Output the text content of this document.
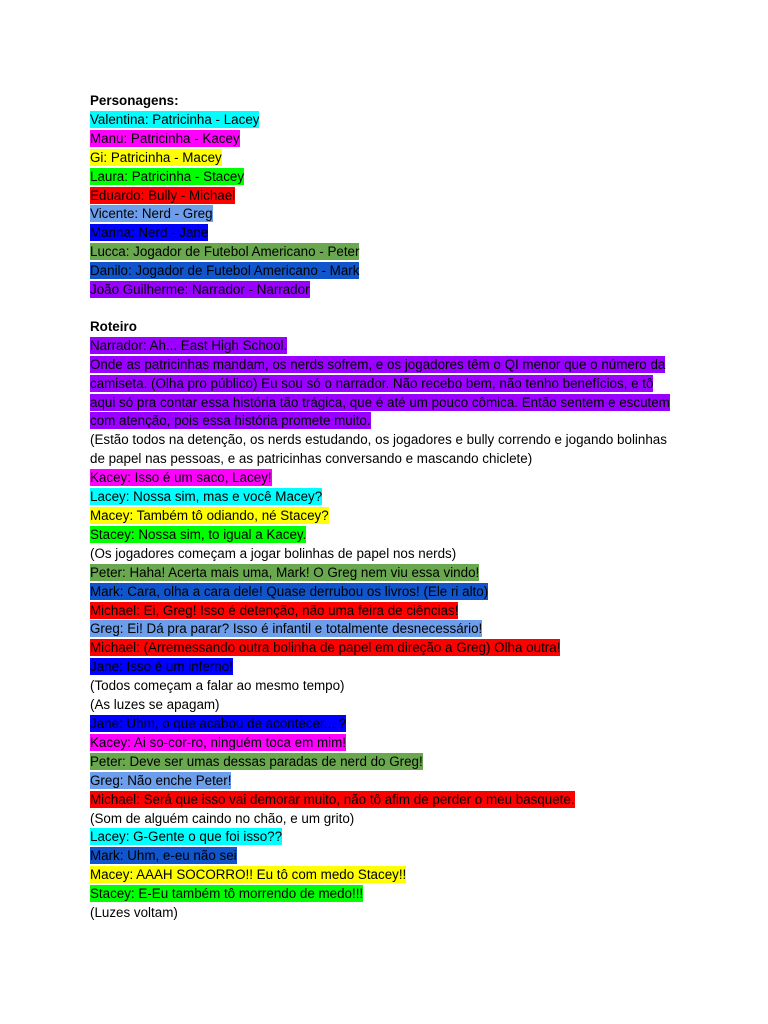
Personagens:
Valentina: Patricinha - Lacey
Manu: Patricinha - Kacey
Gi: Patricinha - Macey
Laura: Patricinha - Stacey
Eduardo: Bully - Michael
Vicente: Nerd - Greg
Marina: Nerd - Jane
Lucca: Jogador de Futebol Americano - Peter
Danilo: Jogador de Futebol Americano - Mark
João Guilherme: Narrador - Narrador
Roteiro
Narrador: Ah... East High School.
Onde as patricinhas mandam, os nerds sofrem, e os jogadores têm o QI menor que o número da camiseta. (Olha pro público) Eu sou só o narrador. Não recebo bem, não tenho benefícios, e tô aqui só pra contar essa história tão trágica, que é até um pouco cômica. Então sentem e escutem com atenção, pois essa história promete muito.
(Estão todos na detenção, os nerds estudando, os jogadores e bully correndo e jogando bolinhas de papel nas pessoas, e as patricinhas conversando e mascando chiclete)
Kacey: Isso é um saco, Lacey!
Lacey: Nossa sim, mas e você Macey?
Macey: Também tô odiando, né Stacey?
Stacey: Nossa sim, to igual a Kacey.
(Os jogadores começam a jogar bolinhas de papel nos nerds)
Peter: Haha! Acerta mais uma, Mark! O Greg nem viu essa vindo!
Mark: Cara, olha a cara dele! Quase derrubou os livros! (Ele ri alto)
Michael: Ei, Greg! Isso é detenção, não uma feira de ciências!
Greg: Ei! Dá pra parar? Isso é infantil e totalmente desnecessário!
Michael: (Arremessando outra bolinha de papel em direção a Greg) Olha outra!
Jane: Isso é um inferno!
(Todos começam a falar ao mesmo tempo)
(As luzes se apagam)
Jane: Uhm, o que acabou de acontecer... ?
Kacey: Ai so-cor-ro, ninguém toca em mim!
Peter: Deve ser umas dessas paradas de nerd do Greg!
Greg: Não enche Peter!
Michael: Será que isso vai demorar muito, não tô afim de perder o meu basquete.
(Som de alguém caindo no chão, e um grito)
Lacey: G-Gente o que foi isso??
Mark: Uhm, e-eu não sei
Macey: AAAH SOCORRO!! Eu tô com medo Stacey!!
Stacey: E-Eu também tô morrendo de medo!!!
(Luzes voltam)
